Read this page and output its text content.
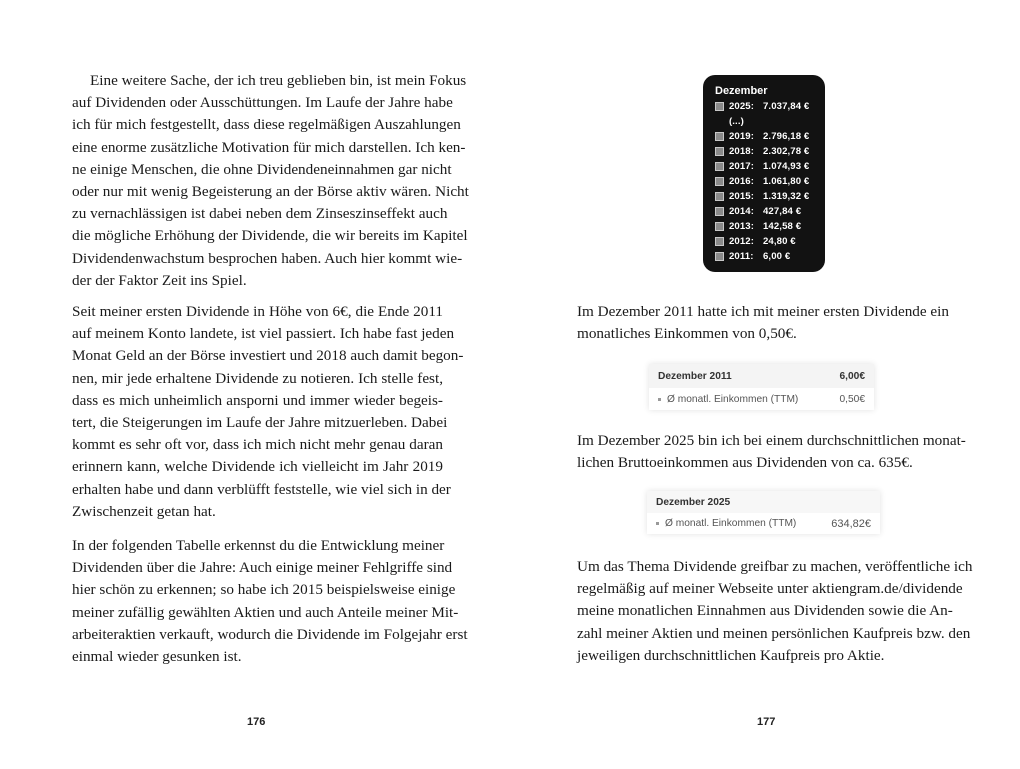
Eine weitere Sache, der ich treu geblieben bin, ist mein Fokus
auf Dividenden oder Ausschüttungen. Im Laufe der Jahre habe
ich für mich festgestellt, dass diese regelmäßigen Auszahlungen
eine enorme zusätzliche Motivation für mich darstellen. Ich ken-
ne einige Menschen, die ohne Dividendeneinnahmen gar nicht
oder nur mit wenig Begeisterung an der Börse aktiv wären. Nicht
zu vernachlässigen ist dabei neben dem Zinseszinseffekt auch
die mögliche Erhöhung der Dividende, die wir bereits im Kapitel
Dividendenwachstum besprochen haben. Auch hier kommt wie-
der der Faktor Zeit ins Spiel.
Seit meiner ersten Dividende in Höhe von 6€, die Ende 2011
auf meinem Konto landete, ist viel passiert. Ich habe fast jeden
Monat Geld an der Börse investiert und 2018 auch damit begon-
nen, mir jede erhaltene Dividende zu notieren. Ich stelle fest,
dass es mich unheimlich ansporni und immer wieder begeis-
tert, die Steigerungen im Laufe der Jahre mitzuerleben. Dabei
kommt es sehr oft vor, dass ich mich nicht mehr genau daran
erinnern kann, welche Dividende ich vielleicht im Jahr 2019
erhalten habe und dann verblüfft feststelle, wie viel sich in der
Zwischenzeit getan hat.
In der folgenden Tabelle erkennst du die Entwicklung meiner
Dividenden über die Jahre: Auch einige meiner Fehlgriffe sind
hier schön zu erkennen; so habe ich 2015 beispielsweise einige
meiner zufällig gewählten Aktien und auch Anteile meiner Mit-
arbeiteraktien verkauft, wodurch die Dividende im Folgejahr erst
einmal wieder gesunken ist.
176
Dezember
2025: 7.037,84 €
(...)
2019: 2.796,18 €
2018: 2.302,78 €
2017: 1.074,93 €
2016: 1.061,80 €
2015: 1.319,32 €
2014: 427,84 €
2013: 142,58 €
2012: 24,80 €
2011: 6,00 €
Im Dezember 2011 hatte ich mit meiner ersten Dividende ein
monatliches Einkommen von 0,50€.
Dezember 2011	6,00€
Ø monatl. Einkommen (TTM)	0,50€
Im Dezember 2025 bin ich bei einem durchschnittlichen monat-
lichen Bruttoeinkommen aus Dividenden von ca. 635€.
Dezember 2025
Ø monatl. Einkommen (TTM)	634,82€
Um das Thema Dividende greifbar zu machen, veröffentliche ich
regelmäßig auf meiner Webseite unter aktiengram.de/dividende
meine monatlichen Einnahmen aus Dividenden sowie die An-
zahl meiner Aktien und meinen persönlichen Kaufpreis bzw. den
jeweiligen durchschnittlichen Kaufpreis pro Aktie.
177
